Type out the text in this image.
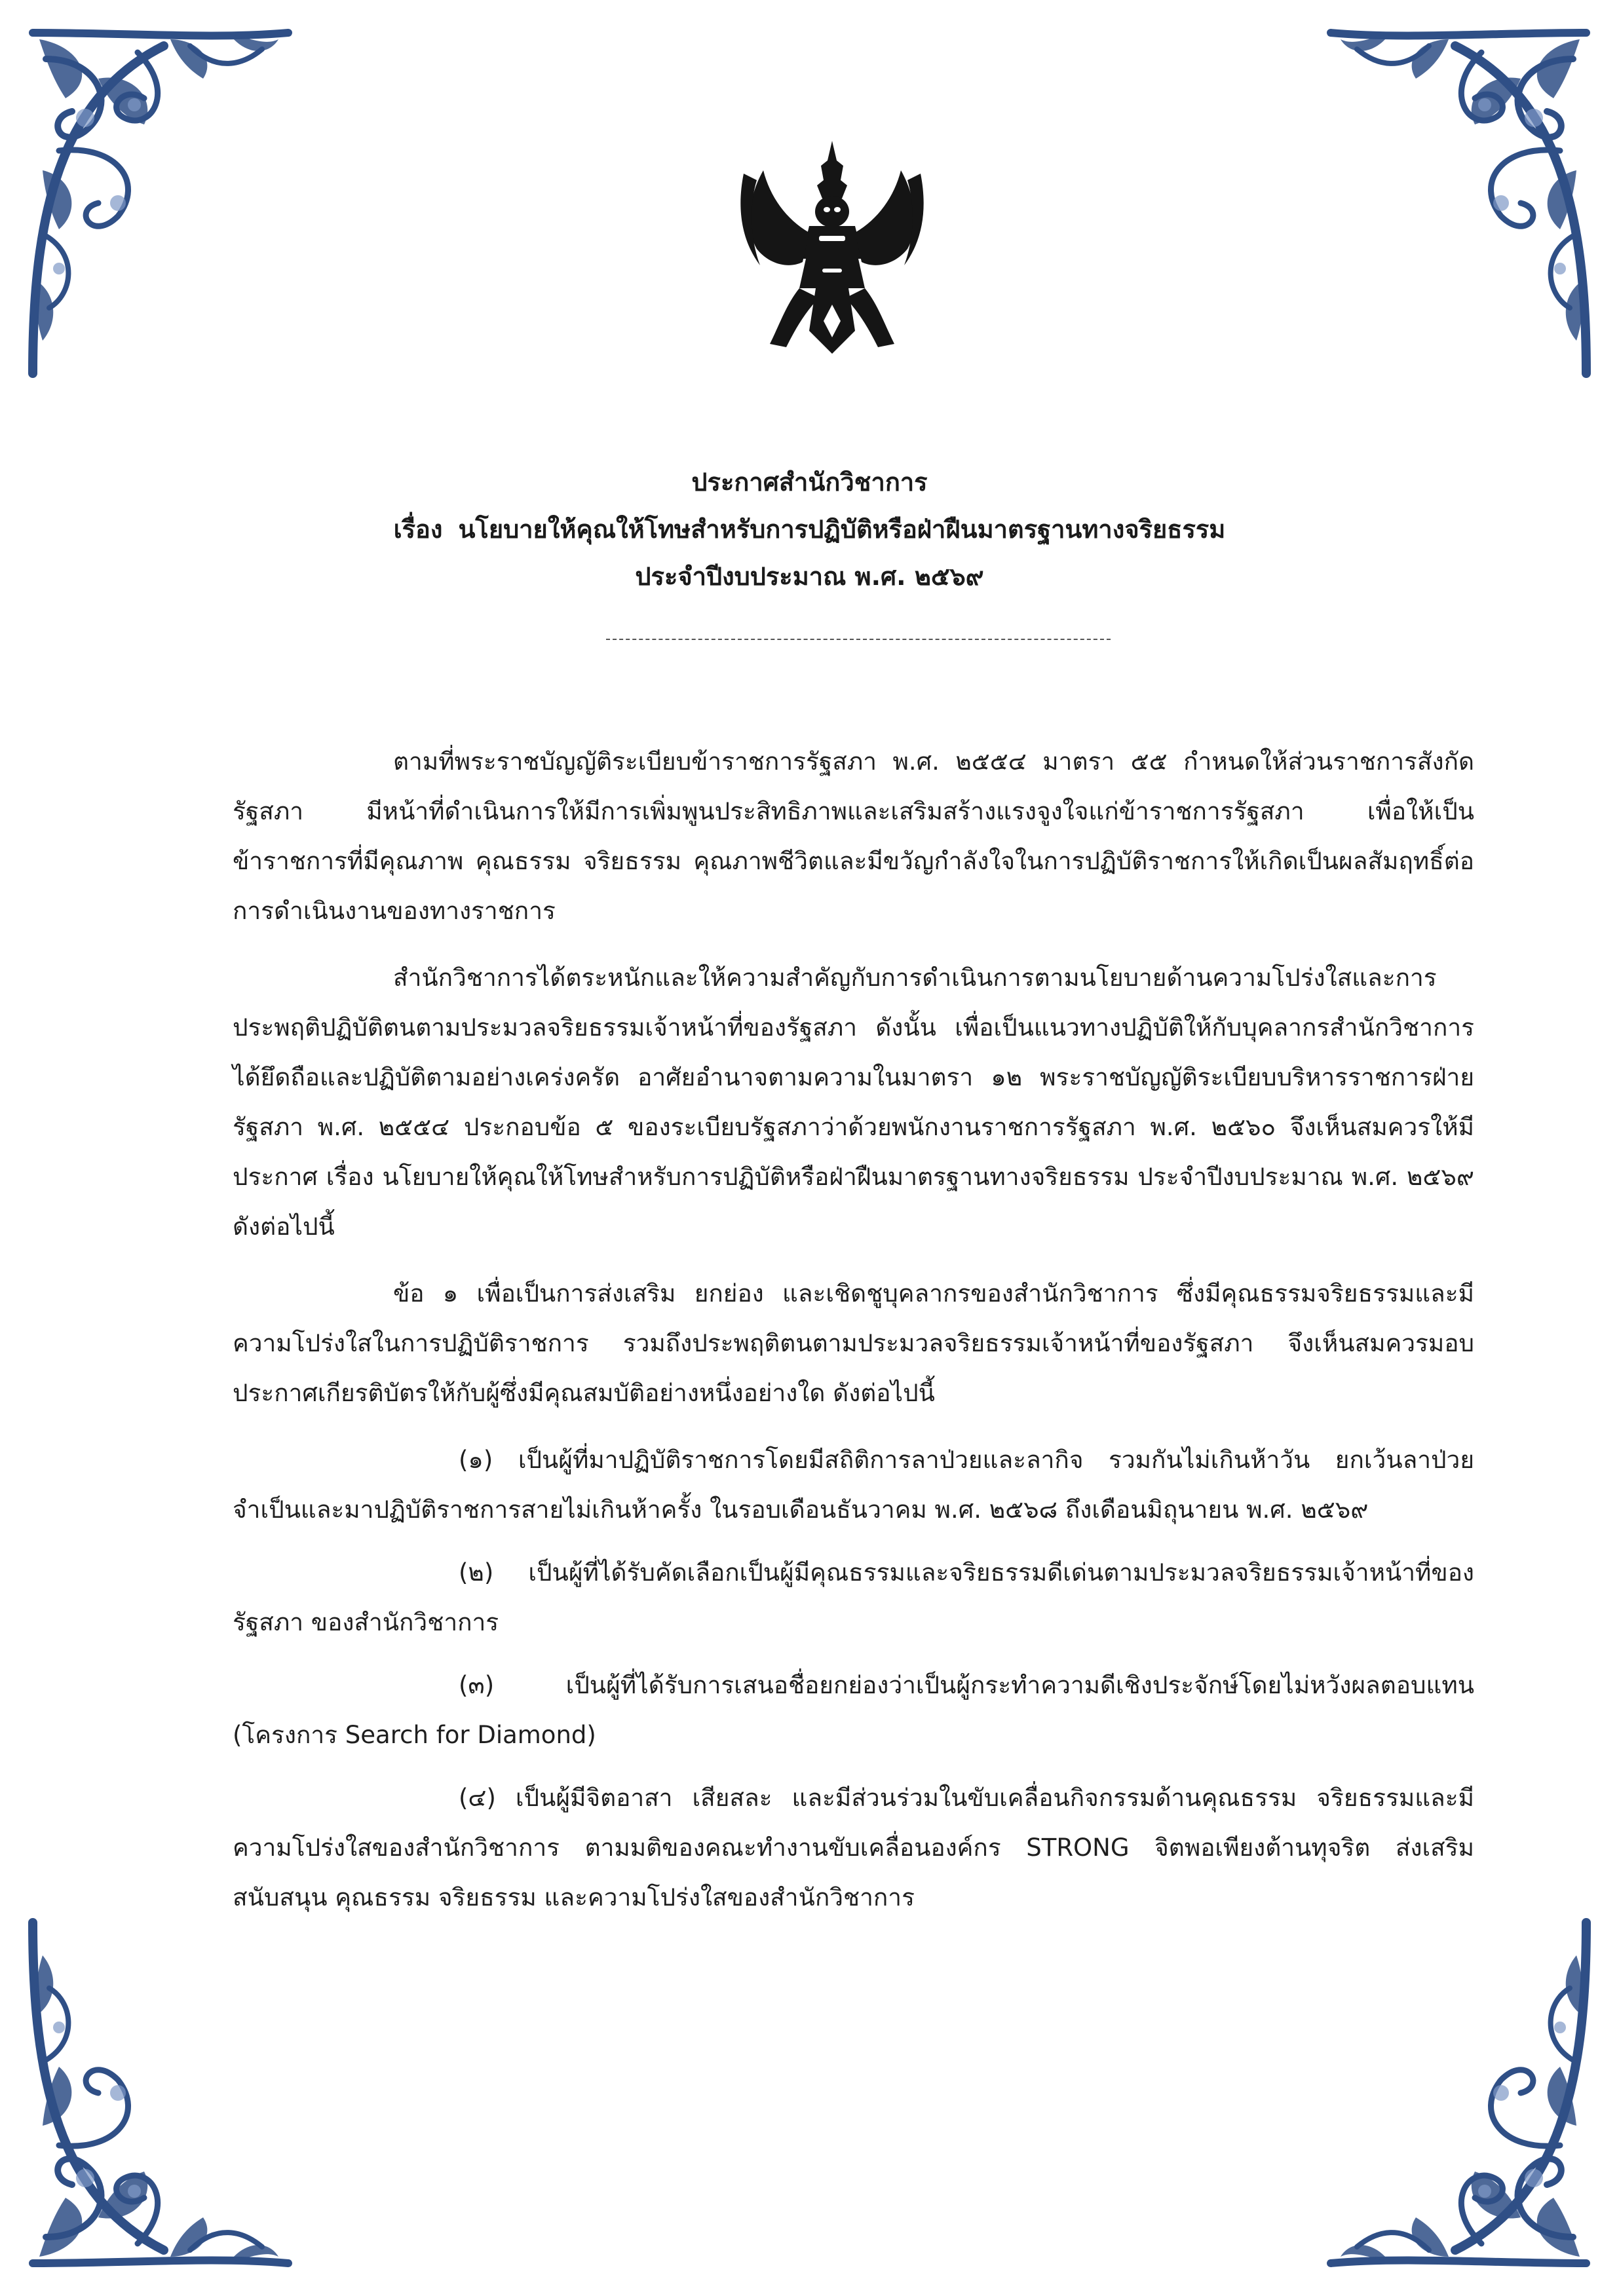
ประกาศสำนักวิชาการ
เรื่อง นโยบายให้คุณให้โทษสำหรับการปฏิบัติหรือฝ่าฝืนมาตรฐานทางจริยธรรม
ประจำปีงบประมาณ พ.ศ. ๒๕๖๙

ตามที่พระราชบัญญัติระเบียบข้าราชการรัฐสภา พ.ศ. ๒๕๕๔ มาตรา ๕๕ กำหนดให้ส่วนราชการสังกัดรัฐสภา มีหน้าที่ดำเนินการให้มีการเพิ่มพูนประสิทธิภาพและเสริมสร้างแรงจูงใจแก่ข้าราชการรัฐสภา เพื่อให้เป็นข้าราชการที่มีคุณภาพ คุณธรรม จริยธรรม คุณภาพชีวิตและมีขวัญกำลังใจในการปฏิบัติราชการให้เกิดเป็นผลสัมฤทธิ์ต่อการดำเนินงานของทางราชการ

สำนักวิชาการได้ตระหนักและให้ความสำคัญกับการดำเนินการตามนโยบายด้านความโปร่งใสและการประพฤติปฏิบัติตนตามประมวลจริยธรรมเจ้าหน้าที่ของรัฐสภา ดังนั้น เพื่อเป็นแนวทางปฏิบัติให้กับบุคลากรสำนักวิชาการ ได้ยึดถือและปฏิบัติตามอย่างเคร่งครัด อาศัยอำนาจตามความในมาตรา ๑๒ พระราชบัญญัติระเบียบบริหารราชการฝ่ายรัฐสภา พ.ศ. ๒๕๕๔ ประกอบข้อ ๕ ของระเบียบรัฐสภาว่าด้วยพนักงานราชการรัฐสภา พ.ศ. ๒๕๖๐ จึงเห็นสมควรให้มีประกาศ เรื่อง นโยบายให้คุณให้โทษสำหรับการปฏิบัติหรือฝ่าฝืนมาตรฐานทางจริยธรรม ประจำปีงบประมาณ พ.ศ. ๒๕๖๙ ดังต่อไปนี้

ข้อ ๑ เพื่อเป็นการส่งเสริม ยกย่อง และเชิดชูบุคลากรของสำนักวิชาการ ซึ่งมีคุณธรรมจริยธรรมและมีความโปร่งใสในการปฏิบัติราชการ รวมถึงประพฤติตนตามประมวลจริยธรรมเจ้าหน้าที่ของรัฐสภา จึงเห็นสมควรมอบประกาศเกียรติบัตรให้กับผู้ซึ่งมีคุณสมบัติอย่างหนึ่งอย่างใด ดังต่อไปนี้

(๑) เป็นผู้ที่มาปฏิบัติราชการโดยมีสถิติการลาป่วยและลากิจ รวมกันไม่เกินห้าวัน ยกเว้นลาป่วยจำเป็นและมาปฏิบัติราชการสายไม่เกินห้าครั้ง ในรอบเดือนธันวาคม พ.ศ. ๒๕๖๘ ถึงเดือนมิถุนายน พ.ศ. ๒๕๖๙

(๒) เป็นผู้ที่ได้รับคัดเลือกเป็นผู้มีคุณธรรมและจริยธรรมดีเด่นตามประมวลจริยธรรมเจ้าหน้าที่ของรัฐสภา ของสำนักวิชาการ

(๓) เป็นผู้ที่ได้รับการเสนอชื่อยกย่องว่าเป็นผู้กระทำความดีเชิงประจักษ์โดยไม่หวังผลตอบแทน (โครงการ Search for Diamond)

(๔) เป็นผู้มีจิตอาสา เสียสละ และมีส่วนร่วมในขับเคลื่อนกิจกรรมด้านคุณธรรม จริยธรรมและมีความโปร่งใสของสำนักวิชาการ ตามมติของคณะทำงานขับเคลื่อนองค์กร STRONG จิตพอเพียงต้านทุจริต ส่งเสริม สนับสนุน คุณธรรม จริยธรรม และความโปร่งใสของสำนักวิชาการ
